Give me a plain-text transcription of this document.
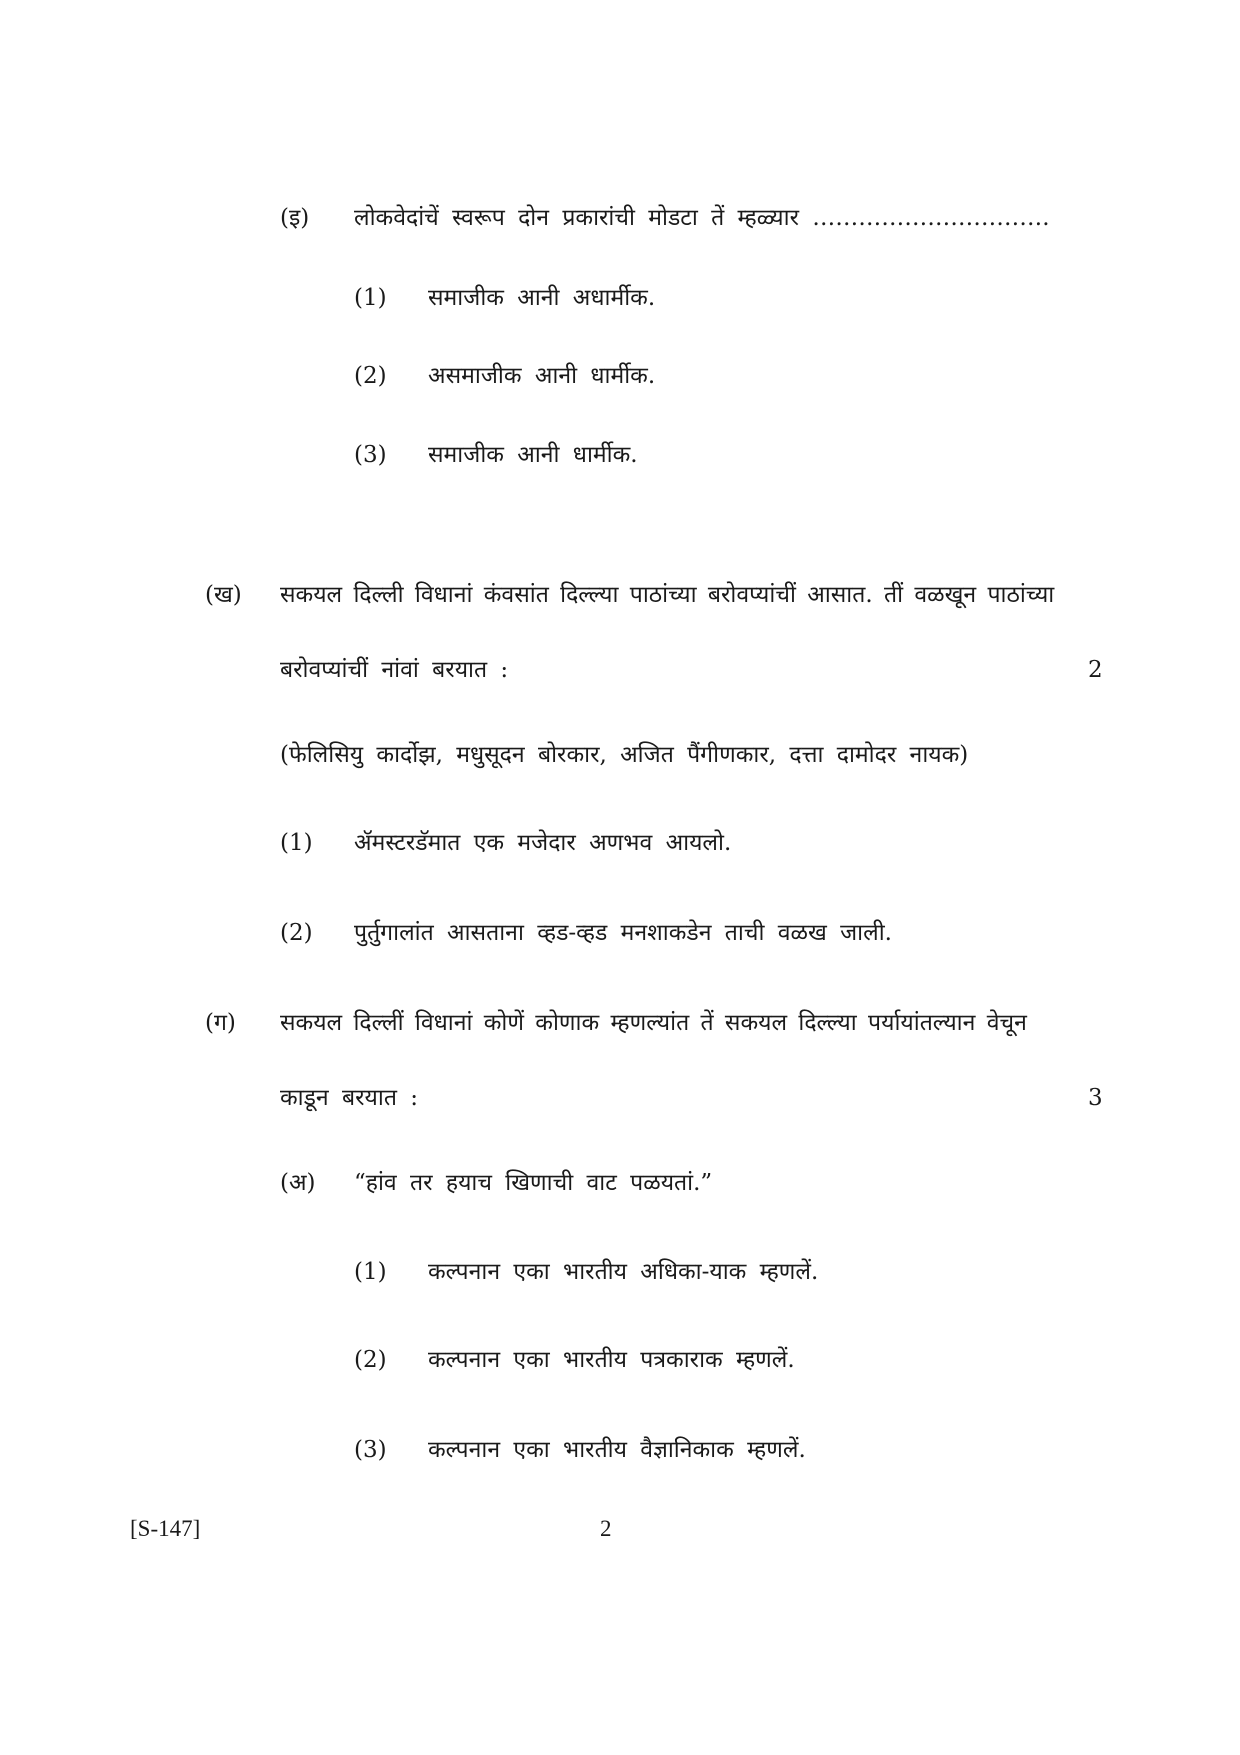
(इ) लोकवेदांचें स्वरूप दोन प्रकारांची मोडटा तें म्हळ्यार ………………………….
(1) समाजीक आनी अधार्मीक.
(2) असमाजीक आनी धार्मीक.
(3) समाजीक आनी धार्मीक.
(ख) सकयल दिल्ली विधानां कंवसांत दिल्ल्या पाठांच्या बरोवप्यांचीं आसात. तीं वळखून पाठांच्या
बरोवप्यांचीं नांवां बरयात :	2
(फेलिसियु कार्दोझ, मधुसूदन बोरकार, अजित पैंगीणकार, दत्ता दामोदर नायक)
(1) ॲमस्टरडॅमात एक मजेदार अणभव आयलो.
(2) पुर्तुगालांत आसताना व्हड-व्हड मनशाकडेन ताची वळख जाली.
(ग) सकयल दिल्लीं विधानां कोणें कोणाक म्हणल्यांत तें सकयल दिल्ल्या पर्यायांतल्यान वेचून
काडून बरयात :	3
(अ) “हांव तर हयाच खिणाची वाट पळयतां.”
(1) कल्पनान एका भारतीय अधिका-याक म्हणलें.
(2) कल्पनान एका भारतीय पत्रकाराक म्हणलें.
(3) कल्पनान एका भारतीय वैज्ञानिकाक म्हणलें.
[S-147]	2
